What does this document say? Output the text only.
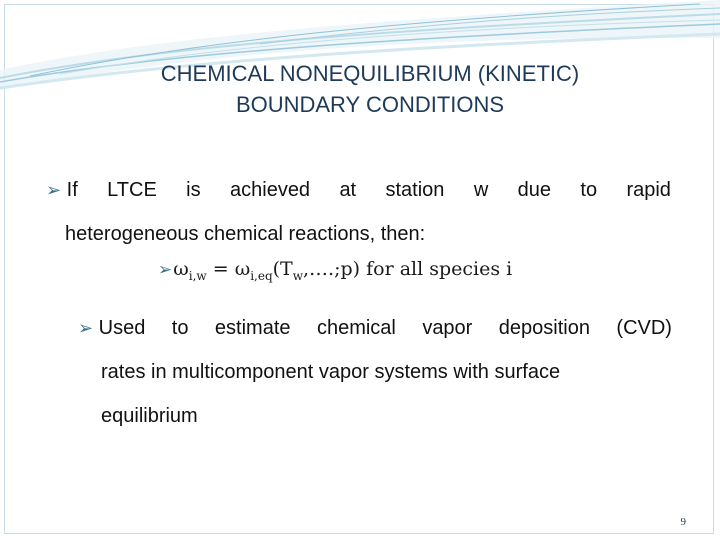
CHEMICAL NONEQUILIBRIUM (KINETIC)
BOUNDARY CONDITIONS
➢ If LTCE is achieved at station w due to rapid
heterogeneous chemical reactions, then:
$➢\omega_{i,w}$ = $\omega_{i,eq}(T_w,\dots.;p)$ for all species i
➢ Used to estimate chemical vapor deposition (CVD)
rates in multicomponent vapor systems with surface
equilibrium
9
